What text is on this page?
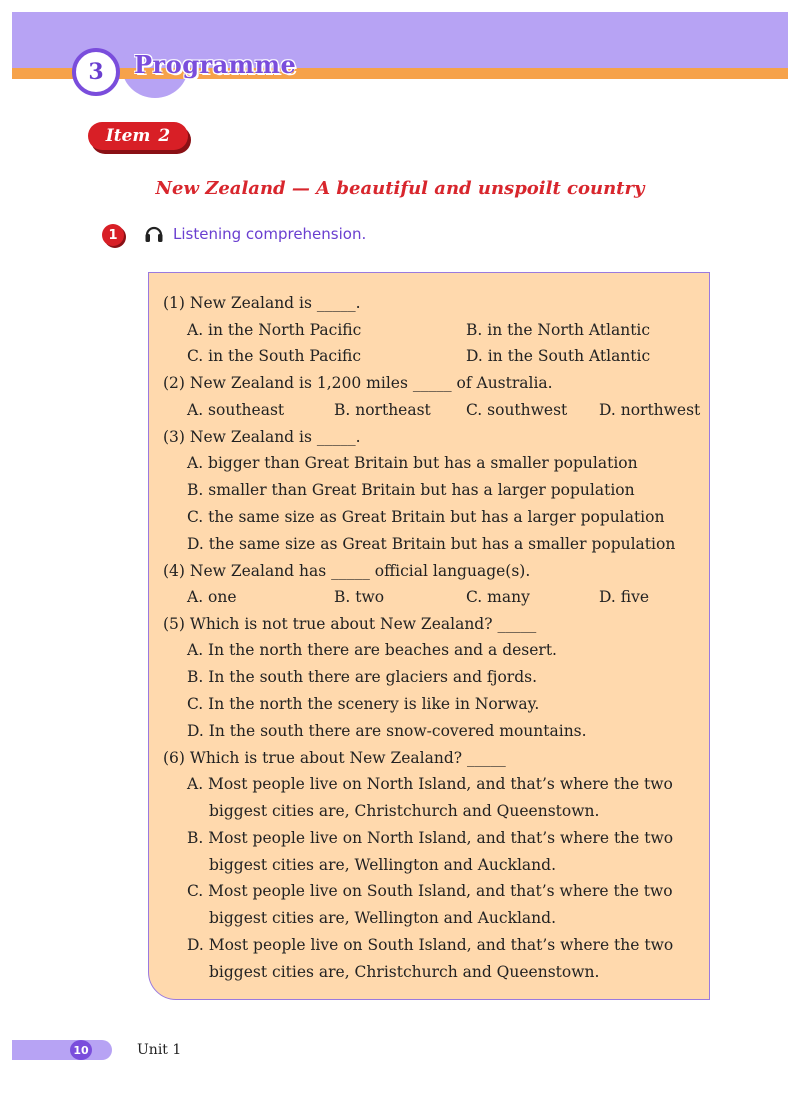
3	Programme
Item 2
New Zealand — A beautiful and unspoilt country
1	Listening comprehension.
(1) New Zealand is _____.
A. in the North Pacific	B. in the North Atlantic
C. in the South Pacific	D. in the South Atlantic
(2) New Zealand is 1,200 miles _____ of Australia.
A. southeast	B. northeast C. southwest D. northwest
(3) New Zealand is _____.
A. bigger than Great Britain but has a smaller population
B. smaller than Great Britain but has a larger population
C. the same size as Great Britain but has a larger population
D. the same size as Great Britain but has a smaller population
(4) New Zealand has _____ official language(s).
A. one	B. two	C. many	D. five
(5) Which is not true about New Zealand? _____
A. In the north there are beaches and a desert.
B. In the south there are glaciers and fjords.
C. In the north the scenery is like in Norway.
D. In the south there are snow-covered mountains.
(6) Which is true about New Zealand? _____
A. Most people live on North Island, and that’s where the two
biggest cities are, Christchurch and Queenstown.
B. Most people live on North Island, and that’s where the two
biggest cities are, Wellington and Auckland.
C. Most people live on South Island, and that’s where the two
biggest cities are, Wellington and Auckland.
D. Most people live on South Island, and that’s where the two
biggest cities are, Christchurch and Queenstown.
10	Unit 1
